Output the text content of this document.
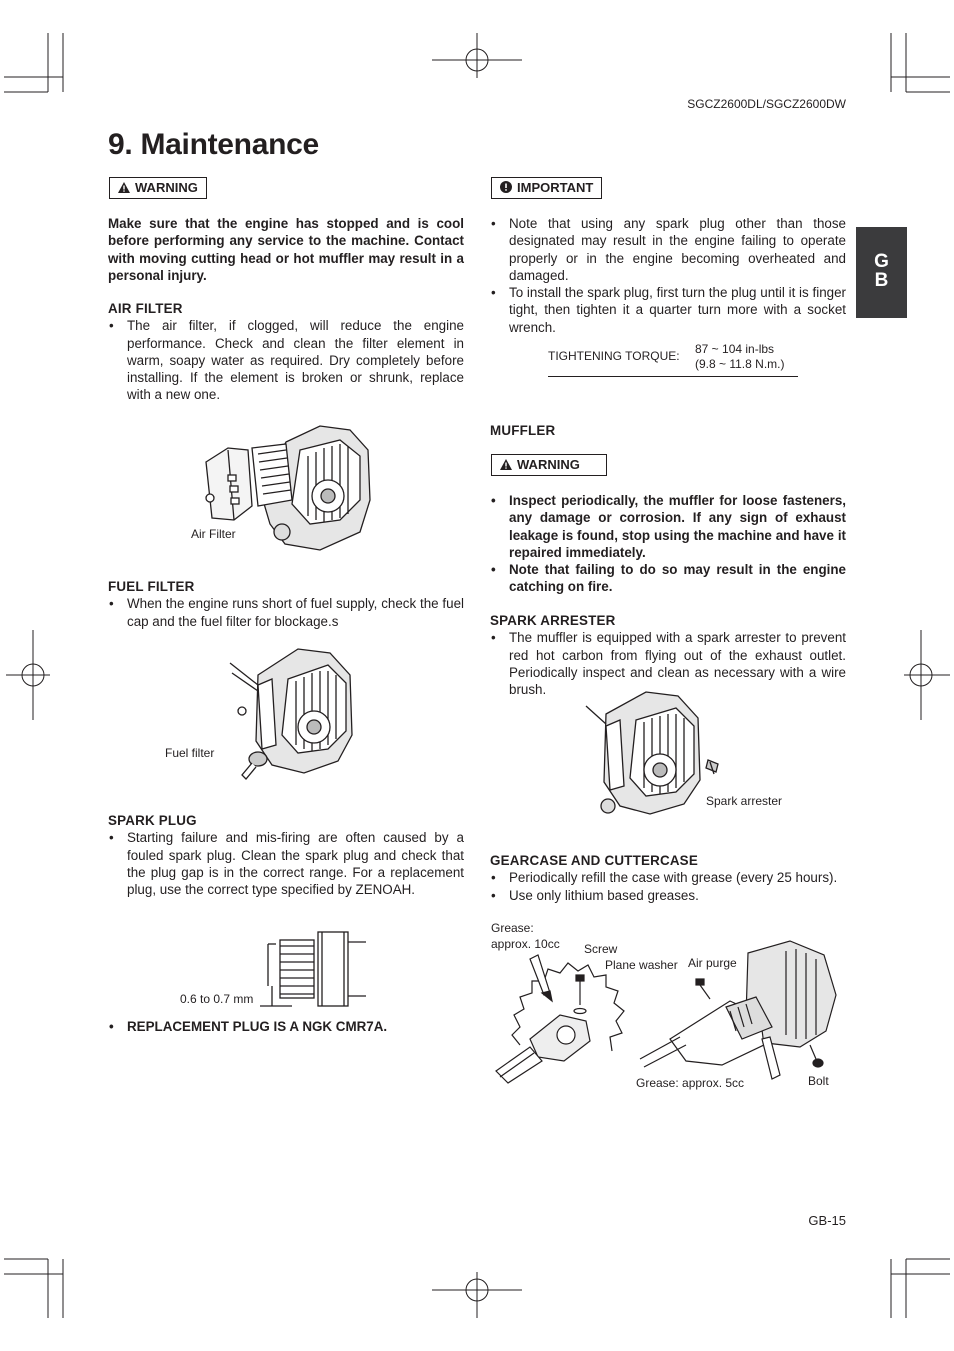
SGCZ2600DL/SGCZ2600DW
9. Maintenance
G
B
WARNING
Make sure that the engine has stopped and is cool before performing any service to the machine. Contact with moving cutting head or hot muffler may result in a personal injury.
AIR FILTER
• The air filter, if clogged, will reduce the engine performance. Check and clean the filter element in warm, soapy water as required. Dry completely before installing. If the element is broken or shrunk, replace with a new one.
Air Filter
FUEL FILTER
• When the engine runs short of fuel supply, check the fuel cap and the fuel filter for blockage.s
Fuel filter
SPARK PLUG
• Starting failure and mis-firing are often caused by a fouled spark plug. Clean the spark plug and check that the plug gap is in the correct range. For a replacement plug, use the correct type specified by ZENOAH.
0.6 to 0.7 mm
• REPLACEMENT PLUG IS A NGK CMR7A.
IMPORTANT
• Note that using any spark plug other than those designated may result in the engine failing to operate properly or in the engine becoming overheated and damaged.
• To install the spark plug, first turn the plug until it is finger tight, then tighten it a quarter turn more with a socket wrench.
TIGHTENING TORQUE: 87 ~ 104 in-lbs
(9.8 ~ 11.8 N.m.)
MUFFLER
WARNING
• Inspect periodically, the muffler for loose fasteners, any damage or corrosion. If any sign of exhaust leakage is found, stop using the machine and have it repaired immediately.
• Note that failing to do so may result in the engine catching on fire.
SPARK ARRESTER
• The muffler is equipped with a spark arrester to prevent red hot carbon from flying out of the exhaust outlet. Periodically inspect and clean as necessary with a wire brush.
Spark arrester
GEARCASE AND CUTTERCASE
• Periodically refill the case with grease (every 25 hours).
• Use only lithium based greases.
Grease:
approx. 10cc Screw
Plane washer Air purge
Grease: approx. 5cc	Bolt
GB-15
